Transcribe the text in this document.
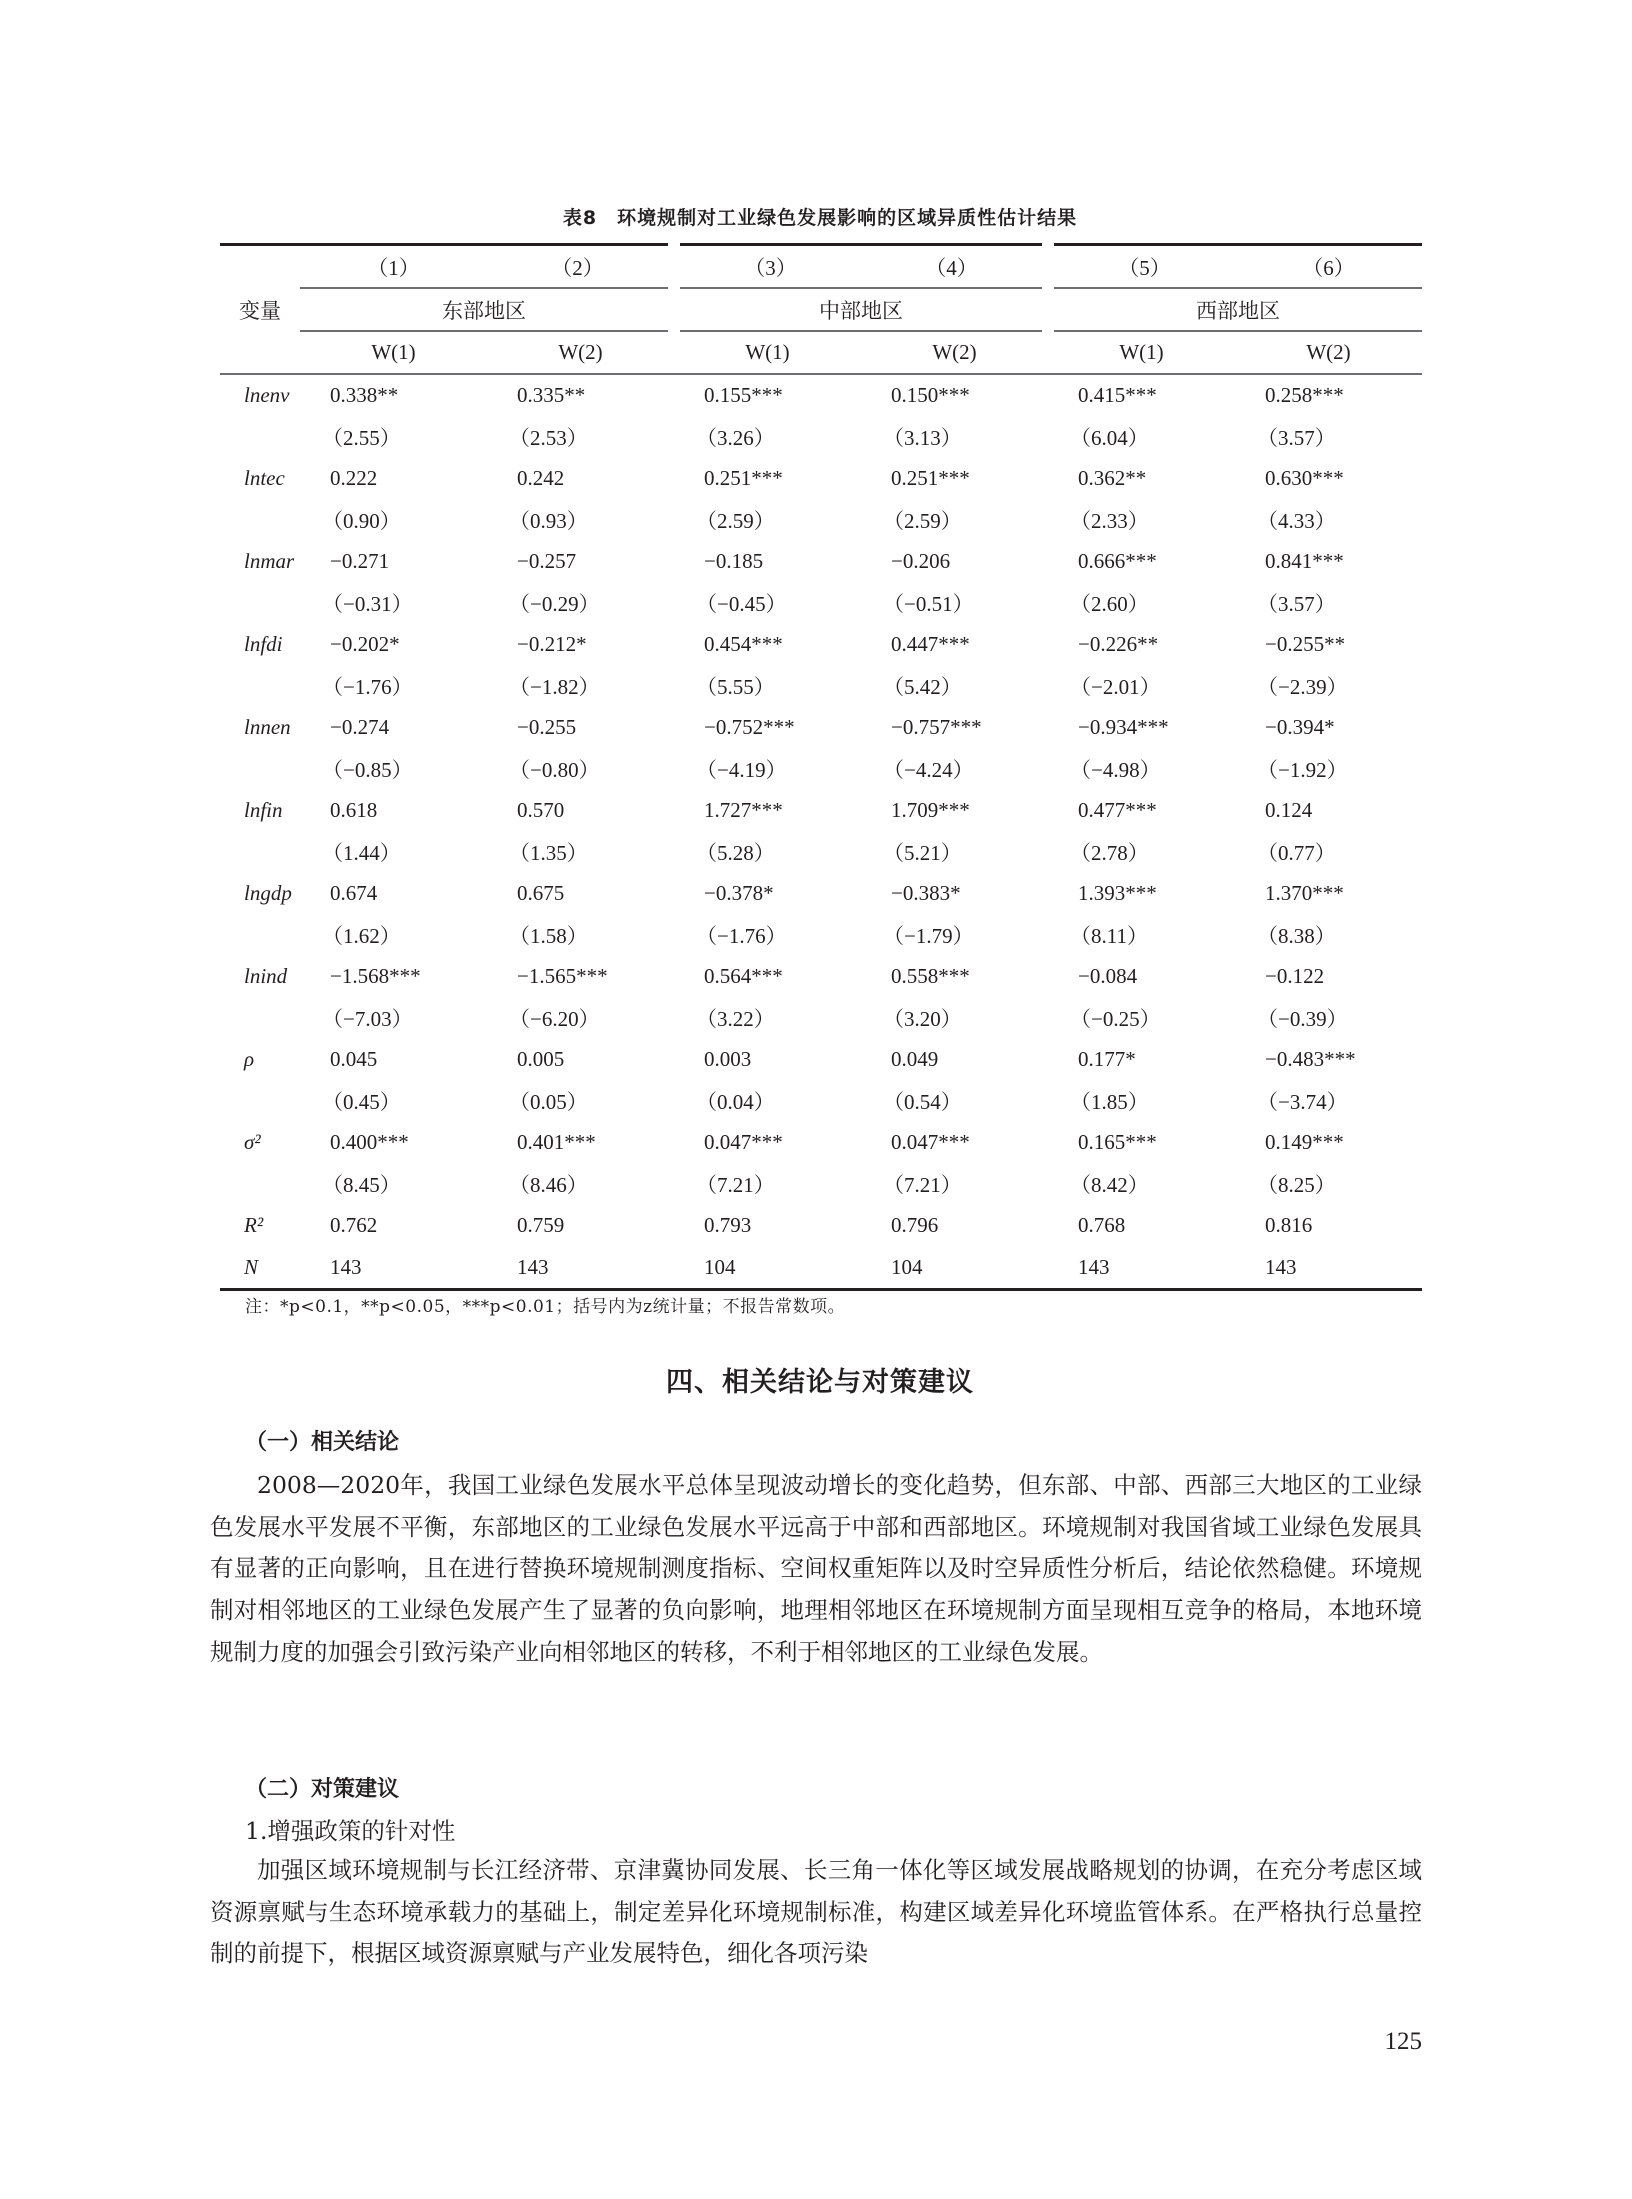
表8　环境规制对工业绿色发展影响的区域异质性估计结果
变量	（1）	（2）	（3）	（4）	（5）	（6）
	东部地区		中部地区		西部地区	
	W(1)	W(2)	W(1)	W(2)	W(1)	W(2)
lnenv	0.338**	0.335**	0.155***	0.150***	0.415***	0.258***
	（2.55）	（2.53）	（3.26）	（3.13）	（6.04）	（3.57）
lntec	0.222	0.242	0.251***	0.251***	0.362**	0.630***
	（0.90）	（0.93）	（2.59）	（2.59）	（2.33）	（4.33）
lnmar	−0.271	−0.257	−0.185	−0.206	0.666***	0.841***
	（−0.31）	（−0.29）	（−0.45）	（−0.51）	（2.60）	（3.57）
lnfdi	−0.202*	−0.212*	0.454***	0.447***	−0.226**	−0.255**
	（−1.76）	（−1.82）	（5.55）	（5.42）	（−2.01）	（−2.39）
lnnen	−0.274	−0.255	−0.752***	−0.757***	−0.934***	−0.394*
	（−0.85）	（−0.80）	（−4.19）	（−4.24）	（−4.98）	（−1.92）
lnfin	0.618	0.570	1.727***	1.709***	0.477***	0.124
	（1.44）	（1.35）	（5.28）	（5.21）	（2.78）	（0.77）
lngdp	0.674	0.675	−0.378*	−0.383*	1.393***	1.370***
	（1.62）	（1.58）	（−1.76）	（−1.79）	（8.11）	（8.38）
lnind	−1.568***	−1.565***	0.564***	0.558***	−0.084	−0.122
	（−7.03）	（−6.20）	（3.22）	（3.20）	（−0.25）	（−0.39）
ρ	0.045	0.005	0.003	0.049	0.177*	−0.483***
	（0.45）	（0.05）	（0.04）	（0.54）	（1.85）	（−3.74）
σ²	0.400***	0.401***	0.047***	0.047***	0.165***	0.149***
	（8.45）	（8.46）	（7.21）	（7.21）	（8.42）	（8.25）
R²	0.762	0.759	0.793	0.796	0.768	0.816
N	143	143	104	104	143	143
注：*p<0.1，**p<0.05，***p<0.01；括号内为z统计量；不报告常数项。
四、相关结论与对策建议
（一）相关结论
2008—2020年，我国工业绿色发展水平总体呈现波动增长的变化趋势，但东部、中部、西部三大地区的工业绿色发展水平发展不平衡，东部地区的工业绿色发展水平远高于中部和西部地区。环境规制对我国省域工业绿色发展具有显著的正向影响，且在进行替换环境规制测度指标、空间权重矩阵以及时空异质性分析后，结论依然稳健。环境规制对相邻地区的工业绿色发展产生了显著的负向影响，地理相邻地区在环境规制方面呈现相互竞争的格局，本地环境规制力度的加强会引致污染产业向相邻地区的转移，不利于相邻地区的工业绿色发展。
（二）对策建议
1.增强政策的针对性
加强区域环境规制与长江经济带、京津冀协同发展、长三角一体化等区域发展战略规划的协调，在充分考虑区域资源禀赋与生态环境承载力的基础上，制定差异化环境规制标准，构建区域差异化环境监管体系。在严格执行总量控制的前提下，根据区域资源禀赋与产业发展特色，细化各项污染
125
